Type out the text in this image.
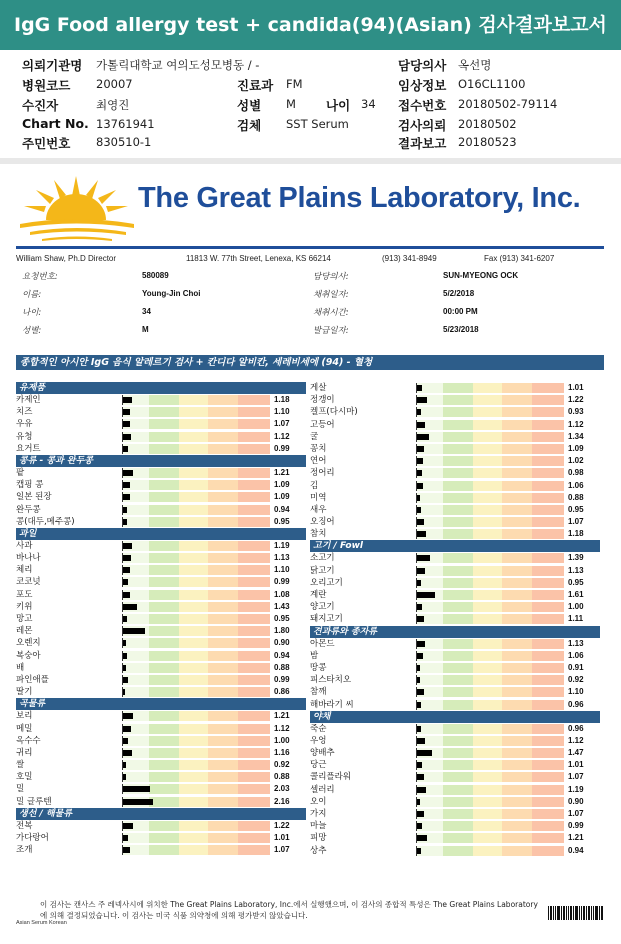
IgG Food allergy test + candida(94)(Asian) 검사결과보고서
의뢰기관명 가톨릭대학교 여의도성모병동 / -
병원코드 20007
수진자	최영진
Chart No. 13761941
주민번호 830510-1
진료과 FM
성별 M 나이 34
검체 SST Serum
담당의사 옥선명
임상정보 O16CL1100
접수번호 20180502-79114
검사의뢰 20180502
결과보고 20180523
The Great Plains Laboratory, Inc.
William Shaw, Ph.D Director	11813 W. 77th Street, Lenexa, KS 66214	(913) 341-8949	Fax (913) 341-6207
요청번호:	580089
이름:	Young-Jin Choi
나이:	34
성별:	M
담당의사:	SUN-MYEONG OCK
채취일자:	5/2/2018
채취시간:	00:00 PM
발급일자:	5/23/2018
종합적인 아시안 IgG 음식 알레르기 검사 + 칸디다 알비칸, 세레비세에 (94) - 혈청
유제품
카제인	1.18
치즈	1.10
우유	1.07
유청	1.12
요거트	0.99
콩류 - 콩과 완두콩
팥	1.21
캡핑 콩	1.09
일본 된장	1.09
완두콩	0.94
콩(대두,메주콩)	0.95
과일
사과	1.19
바나나	1.13
체리	1.10
코코넛	0.99
포도	1.08
키위	1.43
망고	0.95
레몬	1.80
오렌지	0.90
복숭아	0.94
배	0.88
파인애플	0.99
딸기	0.86
곡물류
보리	1.21
메밀	1.12
옥수수	1.00
귀리	1.16
쌀	0.92
호밀	0.88
밀	2.03
밀 글루텐	2.16
생선 / 해물류
전복	1.22
가다랑어	1.01
조개	1.07
게살	1.01
정갱이	1.22
켈프(다시마)	0.93
고등어	1.12
굴	1.34
꽁치	1.09
연어	1.02
정어리	0.98
김	1.06
미역	0.88
새우	0.95
오징어	1.07
참치	1.18
고기 / Fowl
소고기	1.39
닭고기	1.13
오리고기	0.95
계란	1.61
양고기	1.00
돼지고기	1.11
견과류와 종자류
아몬드	1.13
밤	1.06
땅콩	0.91
피스타치오	0.92
참깨	1.10
해바라기 씨	0.96
야채
죽순	0.96
우엉	1.12
양배추	1.47
당근	1.01
콜리플라워	1.07
셀러리	1.19
오이	0.90
가지	1.07
마늘	0.99
피망	1.21
상추	0.94
이 검사는 캔사스 주 레넥사시에 위치한 The Great Plains Laboratory, Inc.에서 실행했으며, 이 검사의 종합적 특성은 The Great Plains Laboratory에 의해 결정되었습니다. 이 검사는 미국 식품 의약청에 의해 평가받지 않았습니다.
Asian Serum Korean
